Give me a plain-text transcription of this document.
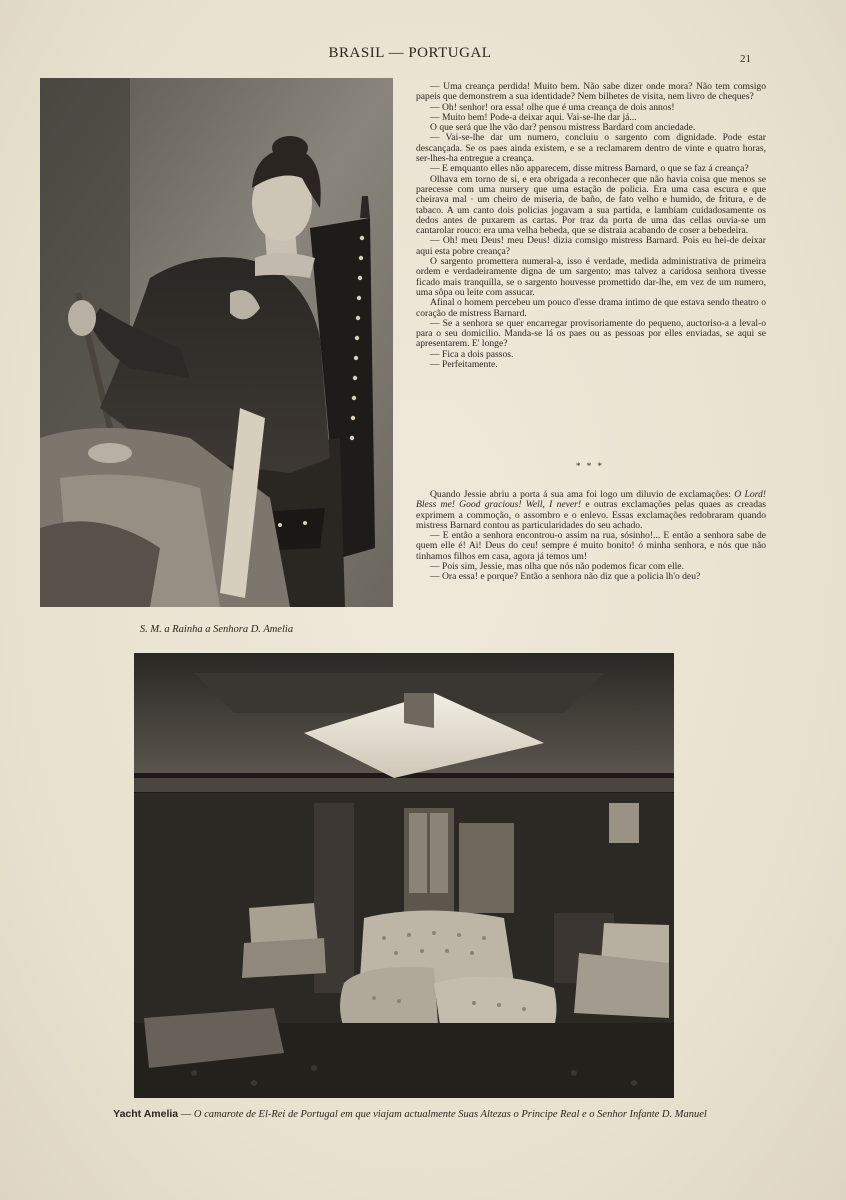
BRASIL — PORTUGAL	21
S. M. a Rainha a Senhora D. Amelia

— Uma creança perdida! Muito bem. Não sabe dizer onde mora? Não tem comsigo papeis que demonstrem a sua identidade? Nem bilhetes de visita, nem livro de cheques?

— Oh! senhor! ora essa! olhe que é uma creança de dois annos!

— Muito bem! Pode-a deixar aqui. Vai-se-lhe dar já...

O que será que lhe vão dar? pensou mistress Bardard com anciedade.

— Vai-se-lhe dar um numero, concluiu o sargento com dignidade. Pode estar descançada. Se os paes ainda existem, e se a reclamarem dentro de vinte e quatro horas, ser-lhes-ha entregue a creança.

— E emquanto elles não apparecem, disse mitress Barnard, o que se faz á creança?

Olhava em torno de si, e era obrigada a reconhecer que não havia coisa que menos se parecesse com uma nursery que uma estação de policia. Era uma casa escura e que cheirava mal · um cheiro de miseria, de baño, de fato velho e humido, de fritura, e de tabaco. A um canto dois policias jogavam a sua partida, e lambíam cuidadosamente os dedos antes de puxarem as cartas. Por traz da porta de uma das cellas ouvia-se um cantarolar rouco: era uma velha bebeda, que se distraia acabando de coser a bebedeira.

— Oh! meu Deus! meu Deus! dizia comsigo mistress Barnard. Pois eu hei-de deixar aqui esta pobre creança?

O sargento promettera numeral-a, isso é verdade, medida administrativa de primeira ordem e verdadeiramente digna de um sargento; mas talvez a caridosa senhora tivesse ficado mais tranquilla, se o sargento houvesse promettido dar-lhe, em vez de um numero, uma sôpa ou leite com assucar.

Afinal o homem percebeu um pouco d'esse drama intimo de que estava sendo theatro o coração de mistress Barnard.

— Se a senhora se quer encarregar provisoriamente do pequeno, auctoriso-a a leval-o para o seu domicilio. Manda-se lá os paes ou as pessoas por elles enviadas, se aqui se apresentarem. E' longe?

— Fica a dois passos.

— Perfeitamente.

* * *

Quando Jessie abriu a porta á sua ama foi logo um diluvio de exclamações: O Lord! Bless me! Good gracious! Well, I never! e outras exclamações pelas quaes as creadas exprimem a commoção, o assombro e o enlevo. Essas exclamações redobraram quando mistress Barnard contou as particularidades do seu achado.

— E então a senhora encontrou-o assim na rua, sósinho!... E então a senhora sabe de quem elle é! Ai! Deus do ceu! sempre é muito bonito! ó minha senhora, e nós que não tinhamos filhos em casa, agora já temos um!

— Pois sim, Jessie, mas olha que nós não podemos ficar com elle.

— Ora essa! e porque? Então a senhora não diz que a policia lh'o deu?

Yacht Amelia — O camarote de El-Rei de Portugal em que viajam actualmente Suas Altezas o Principe Real e o Senhor Infante D. Manuel
